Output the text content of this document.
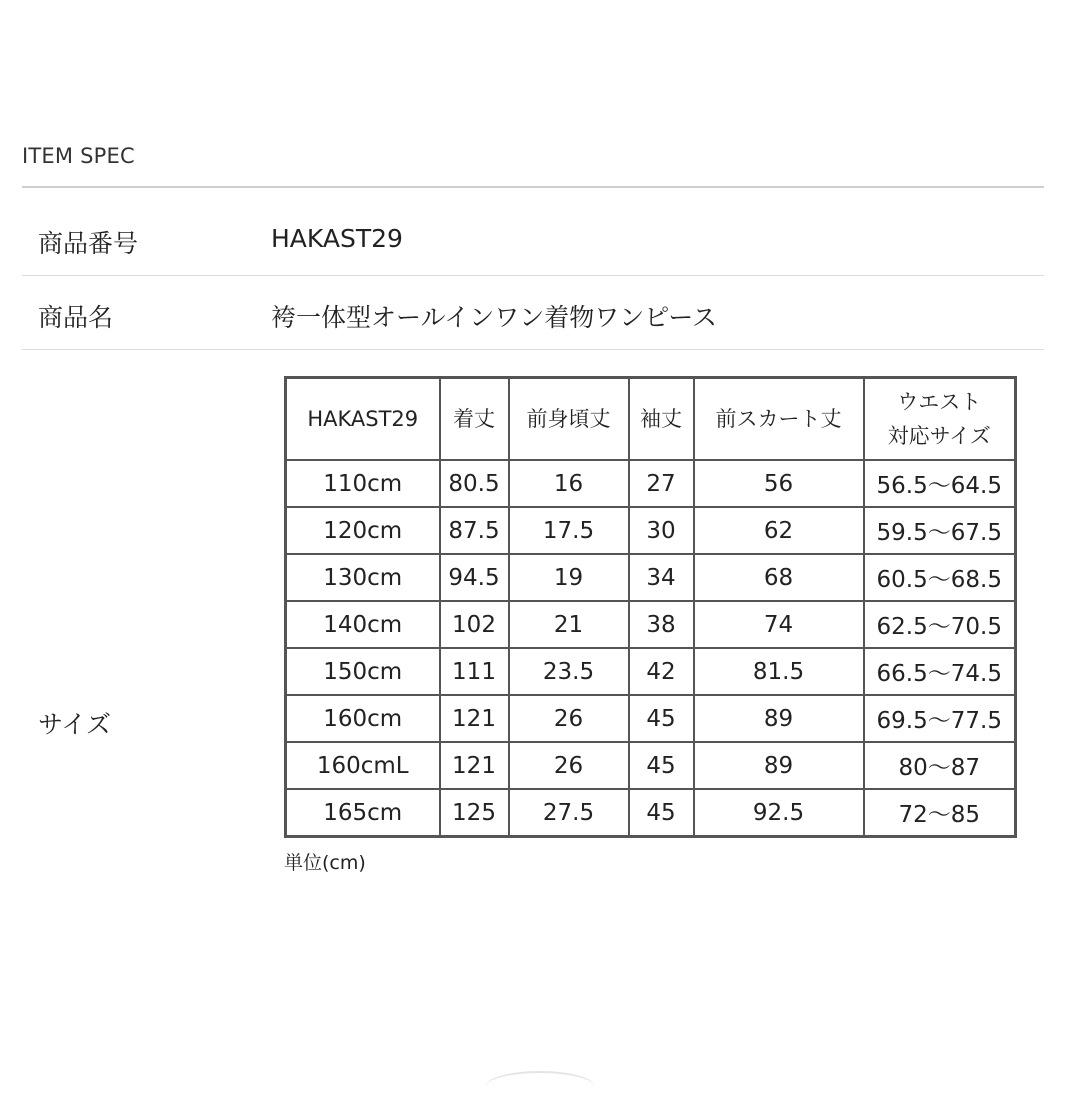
ITEM SPEC
商品番号	HAKAST29
商品名	袴一体型オールインワン着物ワンピース
サイズ
HAKAST29	着丈	前身頃丈	袖丈	前スカート丈	ウエスト
対応サイズ
110cm	80.5	16	27	56	56.5〜64.5
120cm	87.5	17.5	30	62	59.5〜67.5
130cm	94.5	19	34	68	60.5〜68.5
140cm	102	21	38	74	62.5〜70.5
150cm	111	23.5	42	81.5	66.5〜74.5
160cm	121	26	45	89	69.5〜77.5
160cmL	121	26	45	89	80〜87
165cm	125	27.5	45	92.5	72〜85
単位(cm)
